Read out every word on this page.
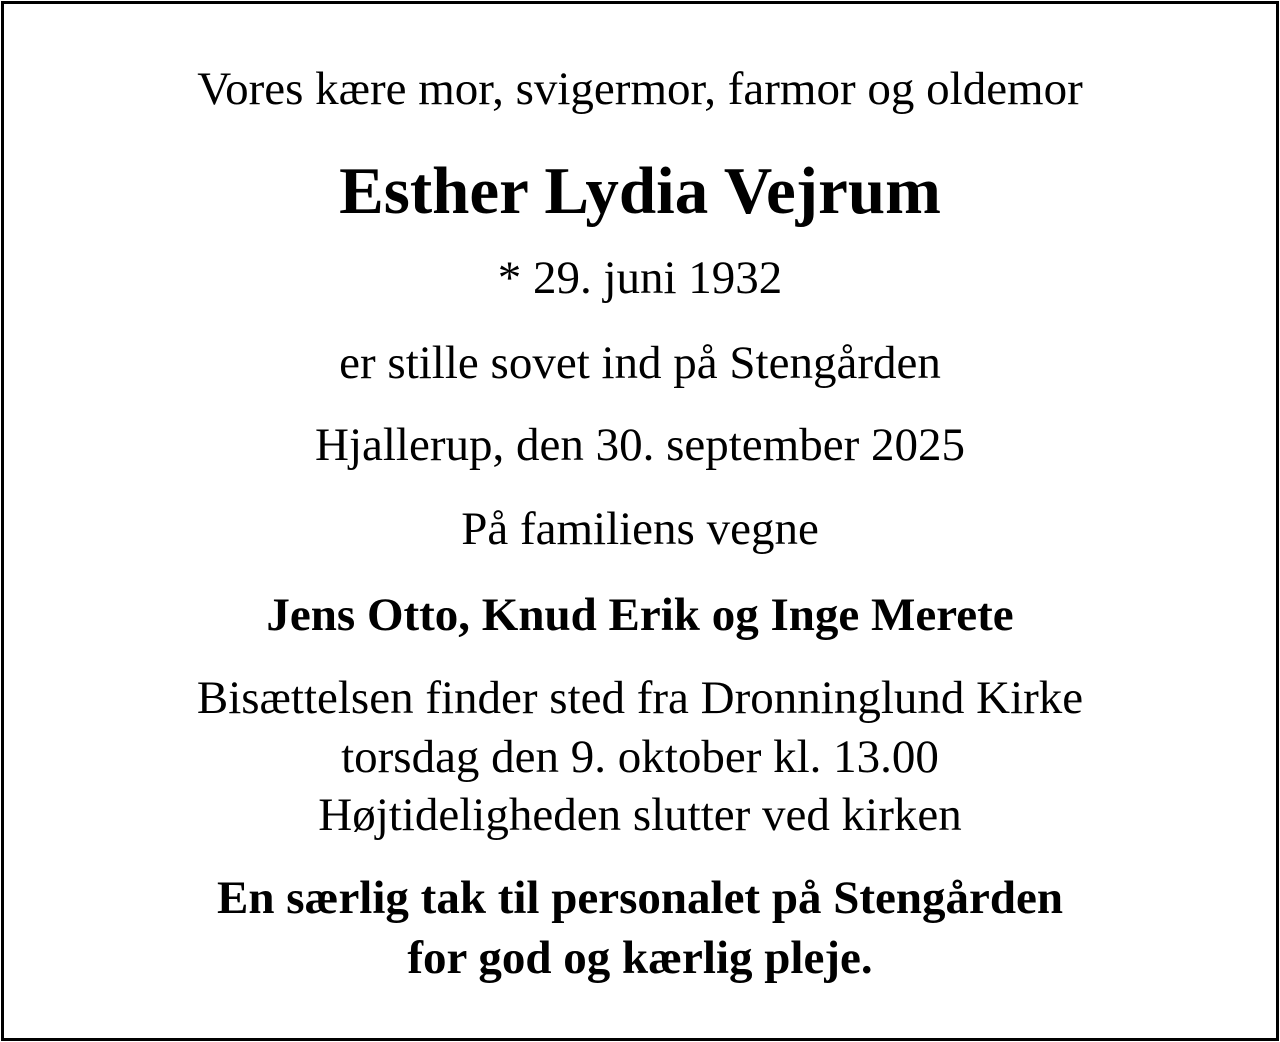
Vores kære mor, svigermor, farmor og oldemor

Esther Lydia Vejrum

* 29. juni 1932

er stille sovet ind på Stengården

Hjallerup, den 30. september 2025

På familiens vegne

Jens Otto, Knud Erik og Inge Merete

Bisættelsen finder sted fra Dronninglund Kirke

torsdag den 9. oktober kl. 13.00

Højtideligheden slutter ved kirken

En særlig tak til personalet på Stengården

for god og kærlig pleje.
